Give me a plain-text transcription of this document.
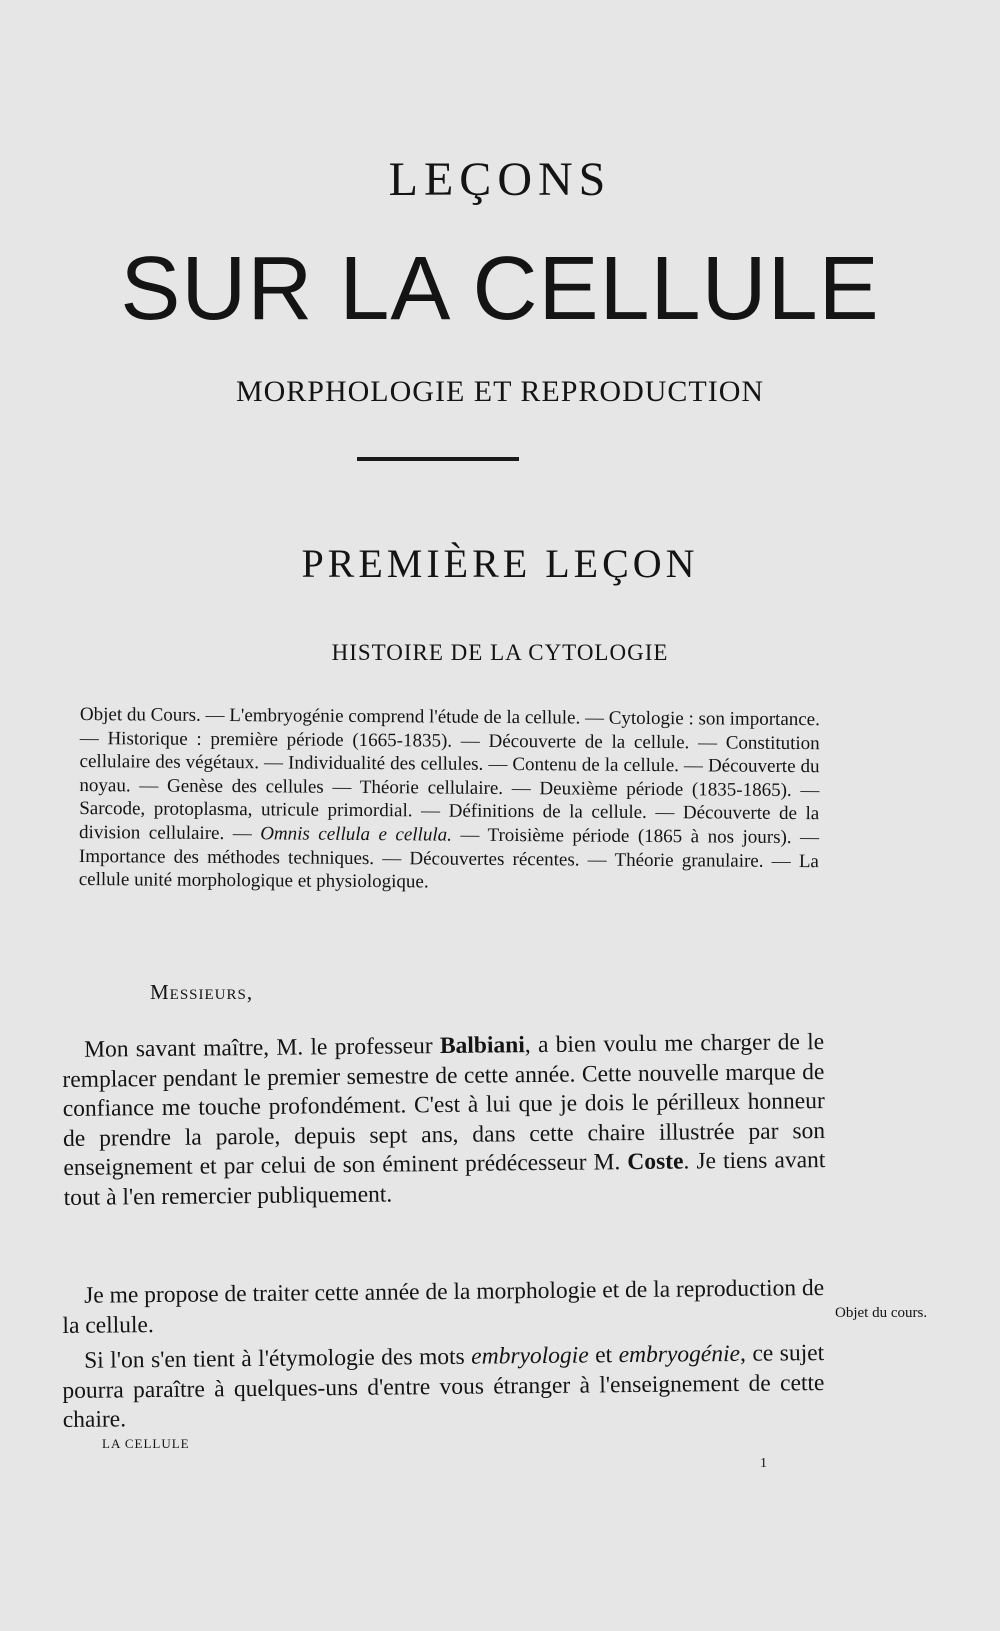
LEÇONS
SUR LA CELLULE
MORPHOLOGIE ET REPRODUCTION
PREMIÈRE LEÇON
HISTOIRE DE LA CYTOLOGIE
Objet du Cours. — L'embryogénie comprend l'étude de la cellule. — Cytologie : son importance. — Historique : première période (1665-1835). — Découverte de la cellule. — Constitution cellulaire des végétaux. — Individualité des cellules. — Contenu de la cellule. — Découverte du noyau. — Genèse des cellules — Théorie cellulaire. — Deuxième période (1835-1865). — Sarcode, protoplasma, utricule primordial. — Définitions de la cellule. — Découverte de la division cellulaire. — Omnis cellula e cellula. — Troisième période (1865 à nos jours). — Importance des méthodes techniques. — Découvertes récentes. — Théorie granulaire. — La cellule unité morphologique et physiologique.
Messieurs,
Mon savant maître, M. le professeur Balbiani, a bien voulu me charger de le remplacer pendant le premier semestre de cette année. Cette nouvelle marque de confiance me touche profondément. C'est à lui que je dois le périlleux honneur de prendre la parole, depuis sept ans, dans cette chaire illustrée par son enseignement et par celui de son éminent prédécesseur M. Coste. Je tiens avant tout à l'en remercier publiquement.
Je me propose de traiter cette année de la morphologie et de la reproduction de la cellule.
Si l'on s'en tient à l'étymologie des mots embryologie et embryogénie, ce sujet pourra paraître à quelques-uns d'entre vous étranger à l'enseignement de cette chaire.
Objet du cours.
LA CELLULE
1
